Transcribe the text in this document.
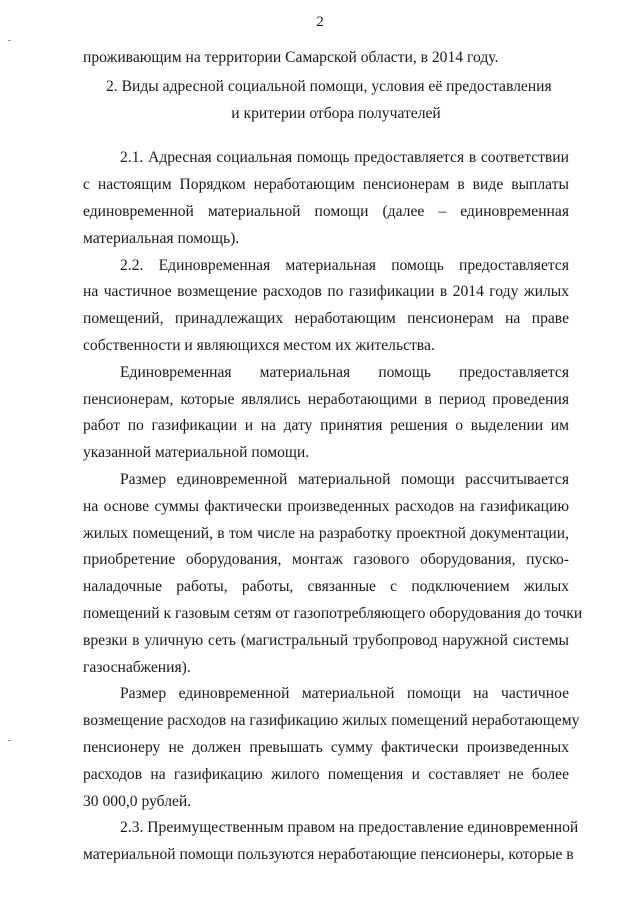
2
проживающим на территории Самарской области, в 2014 году.
2. Виды адресной социальной помощи, условия её предоставления
и критерии отбора получателей
2.1. Адресная социальная помощь предоставляется в соответствии
с настоящим Порядком неработающим пенсионерам в виде выплаты
единовременной материальной помощи (далее – единовременная
материальная помощь).
2.2. Единовременная материальная помощь предоставляется
на частичное возмещение расходов по газификации в 2014 году жилых
помещений, принадлежащих неработающим пенсионерам на праве
собственности и являющихся местом их жительства.
Единовременная материальная помощь предоставляется
пенсионерам, которые являлись неработающими в период проведения
работ по газификации и на дату принятия решения о выделении им
указанной материальной помощи.
Размер единовременной материальной помощи рассчитывается
на основе суммы фактически произведенных расходов на газификацию
жилых помещений, в том числе на разработку проектной документации,
приобретение оборудования, монтаж газового оборудования, пуско-
наладочные работы, работы, связанные с подключением жилых
помещений к газовым сетям от газопотребляющего оборудования до точки
врезки в уличную сеть (магистральный трубопровод наружной системы
газоснабжения).
Размер единовременной материальной помощи на частичное
возмещение расходов на газификацию жилых помещений неработающему
пенсионеру не должен превышать сумму фактически произведенных
расходов на газификацию жилого помещения и составляет не более
30 000,0 рублей.
2.3. Преимущественным правом на предоставление единовременной
материальной помощи пользуются неработающие пенсионеры, которые в
